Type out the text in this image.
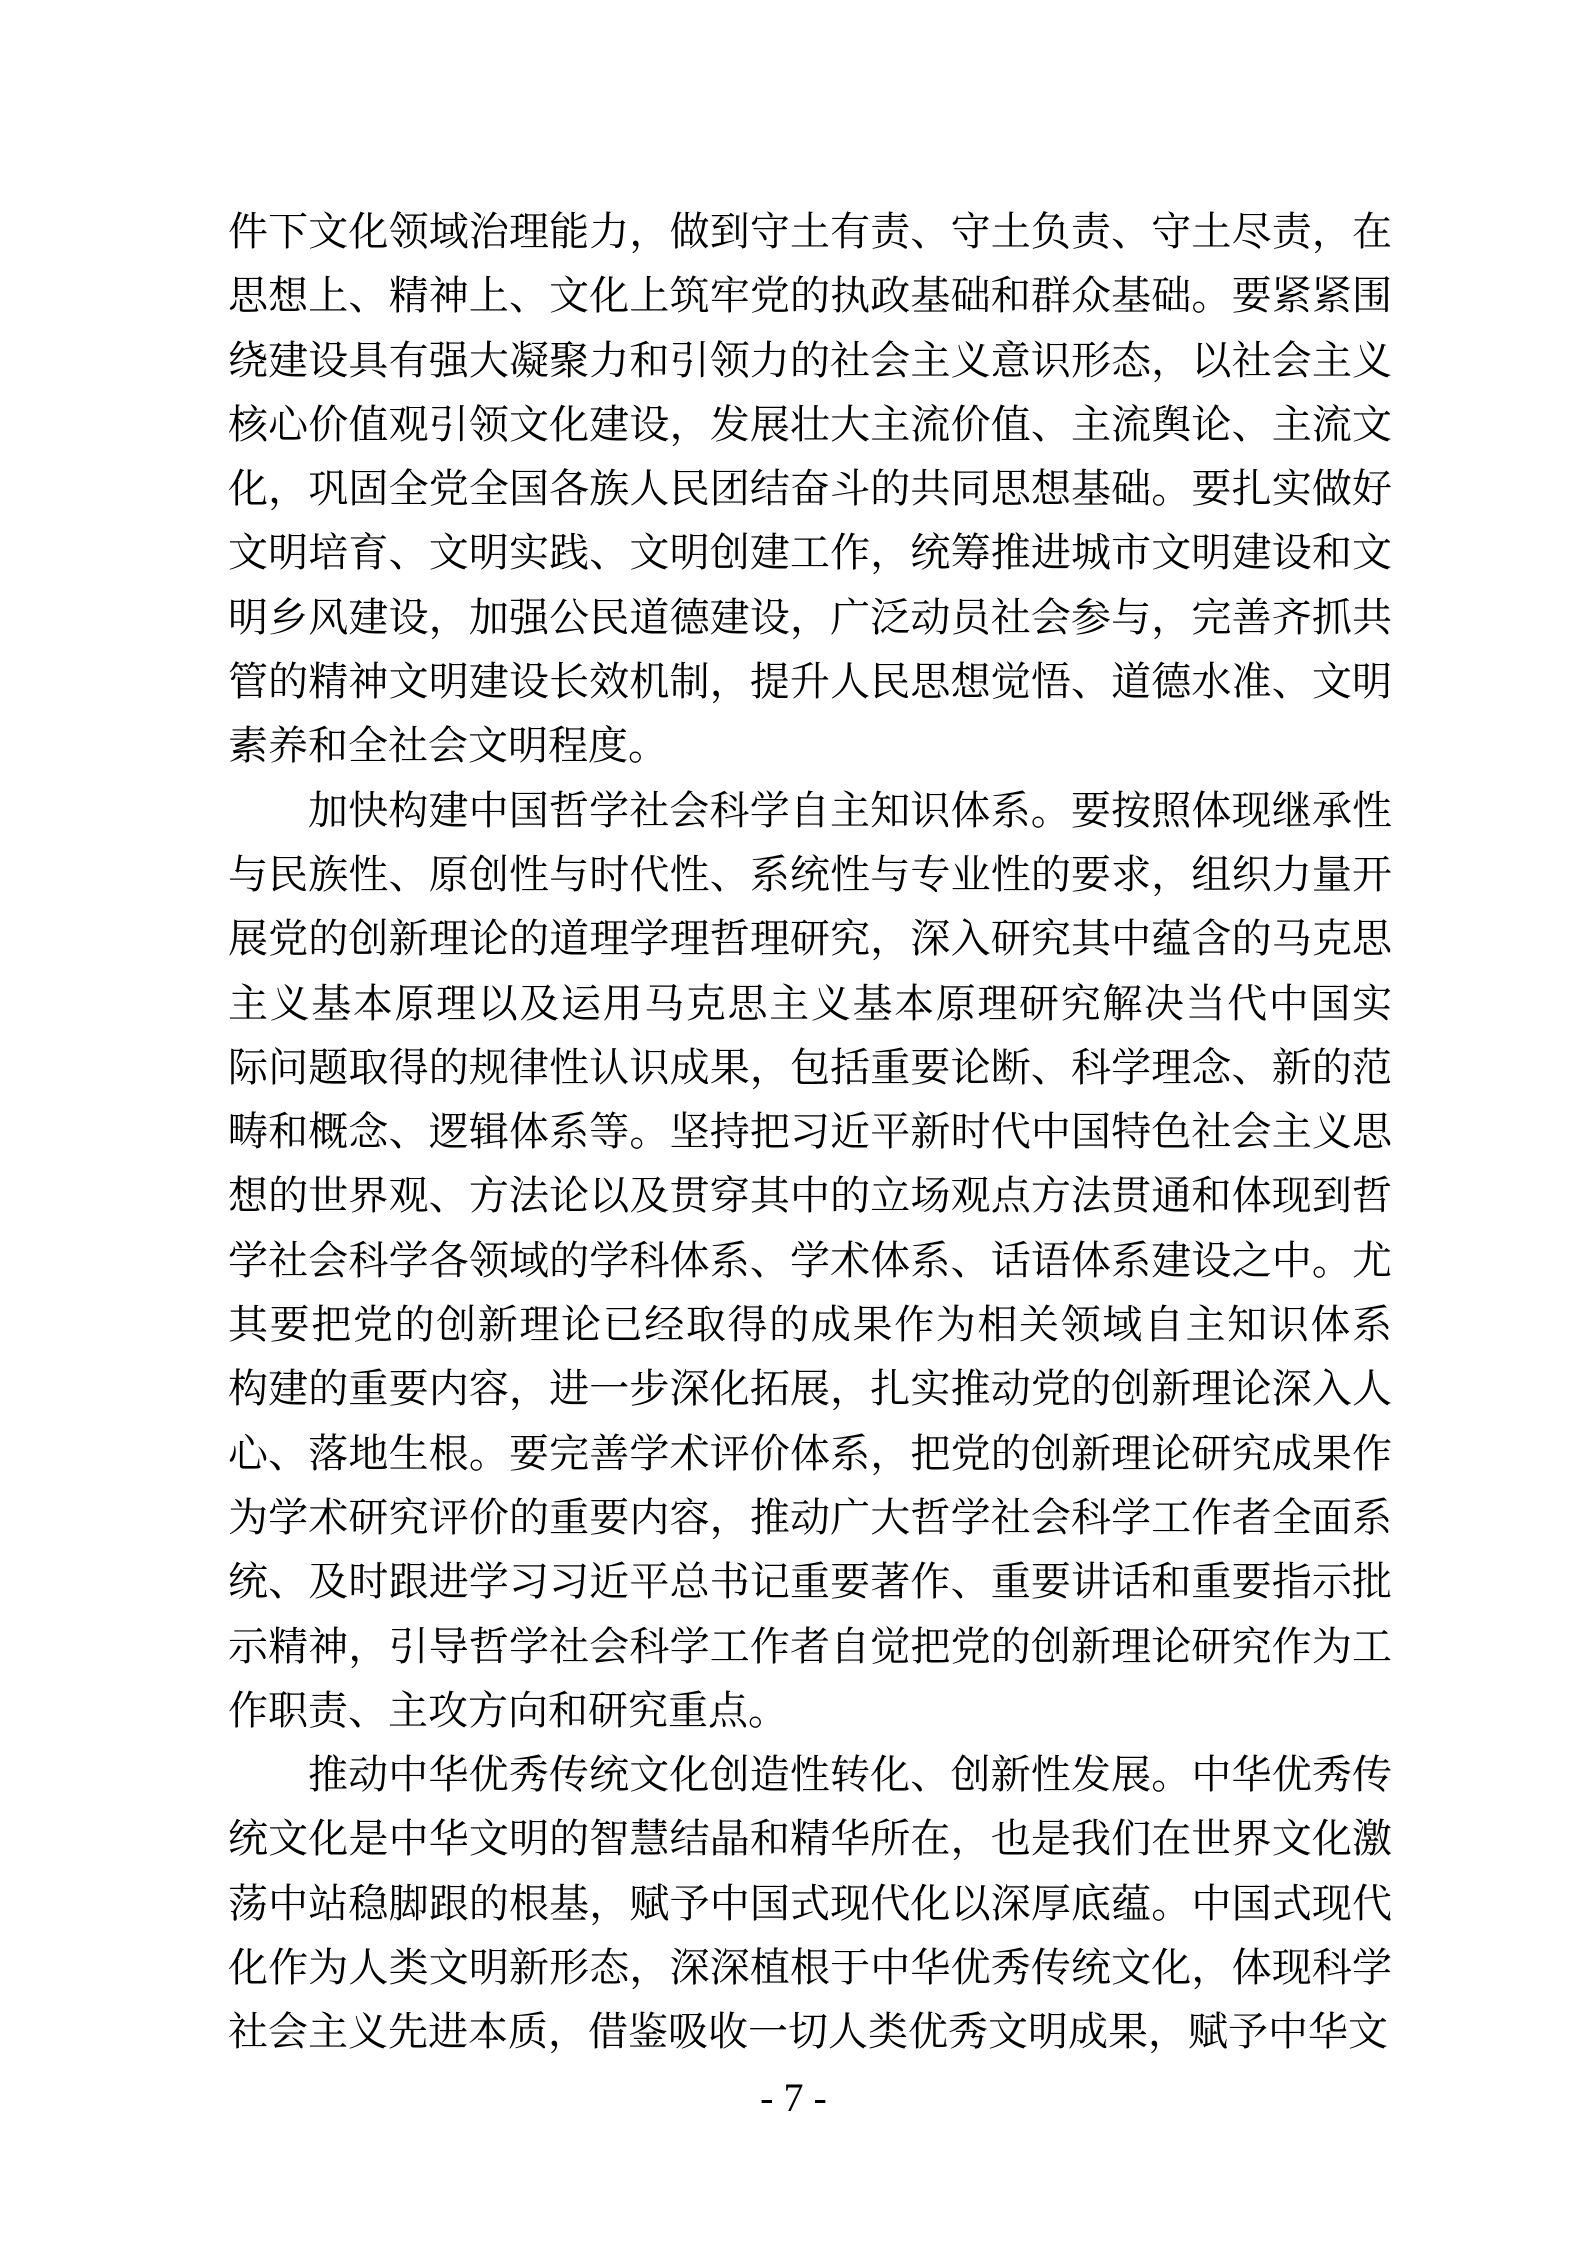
件下文化领域治理能力，做到守土有责、守土负责、守土尽责，在
思想上、精神上、文化上筑牢党的执政基础和群众基础。要紧紧围
绕建设具有强大凝聚力和引领力的社会主义意识形态，以社会主义
核心价值观引领文化建设，发展壮大主流价值、主流舆论、主流文
化，巩固全党全国各族人民团结奋斗的共同思想基础。要扎实做好
文明培育、文明实践、文明创建工作，统筹推进城市文明建设和文
明乡风建设，加强公民道德建设，广泛动员社会参与，完善齐抓共
管的精神文明建设长效机制，提升人民思想觉悟、道德水准、文明
素养和全社会文明程度。
加快构建中国哲学社会科学自主知识体系。要按照体现继承性
与民族性、原创性与时代性、系统性与专业性的要求，组织力量开
展党的创新理论的道理学理哲理研究，深入研究其中蕴含的马克思
主义基本原理以及运用马克思主义基本原理研究解决当代中国实
际问题取得的规律性认识成果，包括重要论断、科学理念、新的范
畴和概念、逻辑体系等。坚持把习近平新时代中国特色社会主义思
想的世界观、方法论以及贯穿其中的立场观点方法贯通和体现到哲
学社会科学各领域的学科体系、学术体系、话语体系建设之中。尤
其要把党的创新理论已经取得的成果作为相关领域自主知识体系
构建的重要内容，进一步深化拓展，扎实推动党的创新理论深入人
心、落地生根。要完善学术评价体系，把党的创新理论研究成果作
为学术研究评价的重要内容，推动广大哲学社会科学工作者全面系
统、及时跟进学习习近平总书记重要著作、重要讲话和重要指示批
示精神，引导哲学社会科学工作者自觉把党的创新理论研究作为工
作职责、主攻方向和研究重点。
推动中华优秀传统文化创造性转化、创新性发展。中华优秀传
统文化是中华文明的智慧结晶和精华所在，也是我们在世界文化激
荡中站稳脚跟的根基，赋予中国式现代化以深厚底蕴。中国式现代
化作为人类文明新形态，深深植根于中华优秀传统文化，体现科学
社会主义先进本质，借鉴吸收一切人类优秀文明成果，赋予中华文
- 7 -
